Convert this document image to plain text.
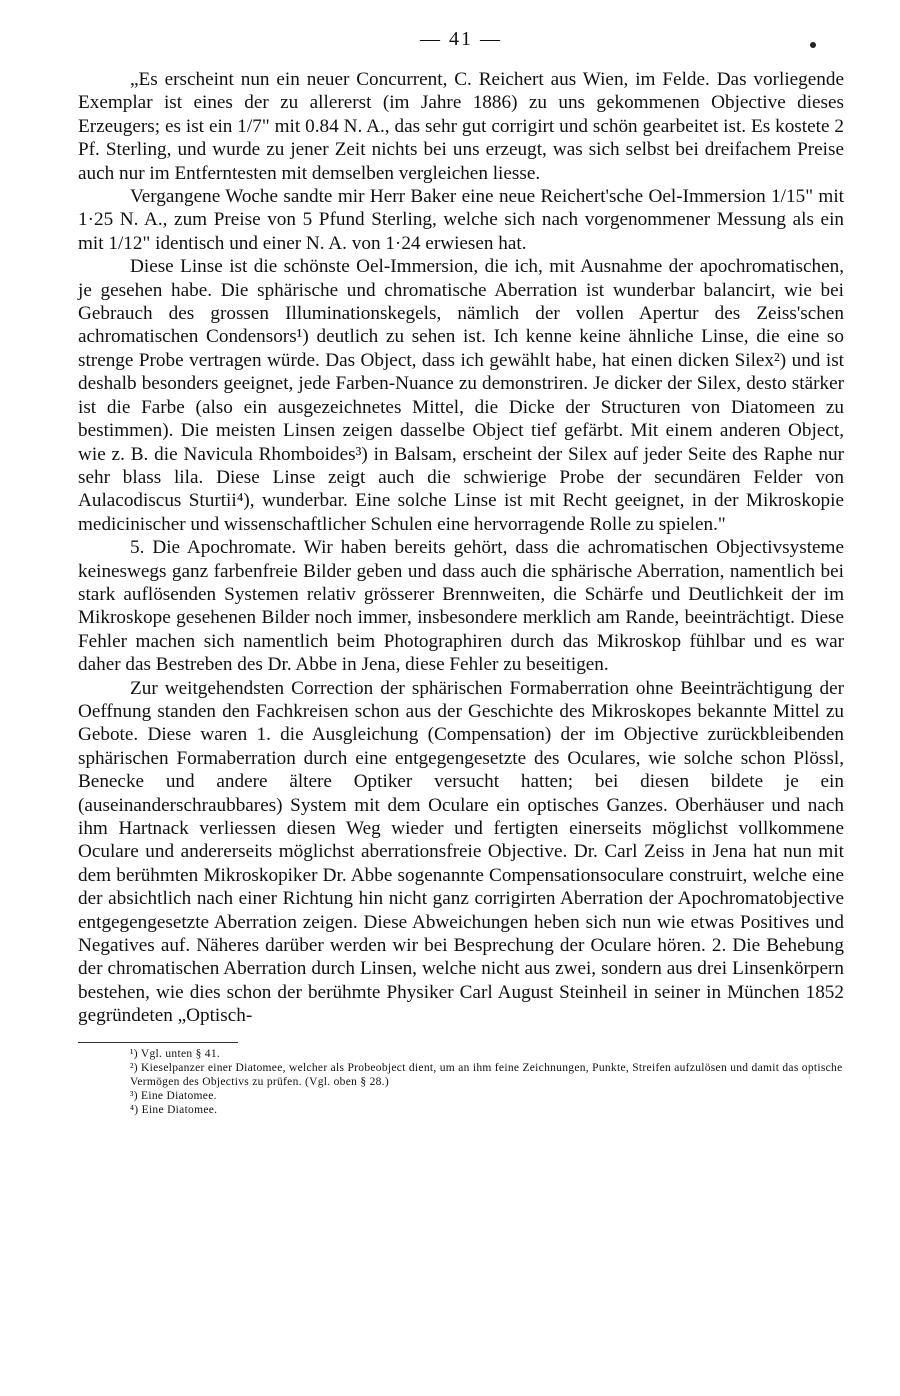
— 41 —

„Es erscheint nun ein neuer Concurrent, C. Reichert aus Wien, im Felde. Das vorliegende Exemplar ist eines der zu allererst (im Jahre 1886) zu uns gekommenen Objective dieses Erzeugers; es ist ein 1/7" mit 0.84 N. A., das sehr gut corrigirt und schön gearbeitet ist. Es kostete 2 Pf. Sterling, und wurde zu jener Zeit nichts bei uns erzeugt, was sich selbst bei dreifachem Preise auch nur im Entferntesten mit demselben vergleichen liesse.

Vergangene Woche sandte mir Herr Baker eine neue Reichert'sche Oel-Immersion 1/15" mit 1·25 N. A., zum Preise von 5 Pfund Sterling, welche sich nach vorgenommener Messung als ein mit 1/12" identisch und einer N. A. von 1·24 erwiesen hat.

Diese Linse ist die schönste Oel-Immersion, die ich, mit Ausnahme der apochromatischen, je gesehen habe. Die sphärische und chromatische Aberration ist wunderbar balancirt, wie bei Gebrauch des grossen Illuminationskegels, nämlich der vollen Apertur des Zeiss'schen achromatischen Condensors¹) deutlich zu sehen ist. Ich kenne keine ähnliche Linse, die eine so strenge Probe vertragen würde. Das Object, dass ich gewählt habe, hat einen dicken Silex²) und ist deshalb besonders geeignet, jede Farben-Nuance zu demonstriren. Je dicker der Silex, desto stärker ist die Farbe (also ein ausgezeichnetes Mittel, die Dicke der Structuren von Diatomeen zu bestimmen). Die meisten Linsen zeigen dasselbe Object tief gefärbt. Mit einem anderen Object, wie z. B. die Navicula Rhomboides³) in Balsam, erscheint der Silex auf jeder Seite des Raphe nur sehr blass lila. Diese Linse zeigt auch die schwierige Probe der secundären Felder von Aulacodiscus Sturtii⁴), wunderbar. Eine solche Linse ist mit Recht geeignet, in der Mikroskopie medicinischer und wissenschaftlicher Schulen eine hervorragende Rolle zu spielen."

5. Die Apochromate. Wir haben bereits gehört, dass die achromatischen Objectivsysteme keineswegs ganz farbenfreie Bilder geben und dass auch die sphärische Aberration, namentlich bei stark auflösenden Systemen relativ grösserer Brennweiten, die Schärfe und Deutlichkeit der im Mikroskope gesehenen Bilder noch immer, insbesondere merklich am Rande, beeinträchtigt. Diese Fehler machen sich namentlich beim Photographiren durch das Mikroskop fühlbar und es war daher das Bestreben des Dr. Abbe in Jena, diese Fehler zu beseitigen.

Zur weitgehendsten Correction der sphärischen Formaberration ohne Beeinträchtigung der Oeffnung standen den Fachkreisen schon aus der Geschichte des Mikroskopes bekannte Mittel zu Gebote. Diese waren 1. die Ausgleichung (Compensation) der im Objective zurückbleibenden sphärischen Formaberration durch eine entgegengesetzte des Oculares, wie solche schon Plössl, Benecke und andere ältere Optiker versucht hatten; bei diesen bildete je ein (auseinanderschraubbares) System mit dem Oculare ein optisches Ganzes. Oberhäuser und nach ihm Hartnack verliessen diesen Weg wieder und fertigten einerseits möglichst vollkommene Oculare und andererseits möglichst aberrationsfreie Objective. Dr. Carl Zeiss in Jena hat nun mit dem berühmten Mikroskopiker Dr. Abbe sogenannte Compensationsoculare construirt, welche eine der absichtlich nach einer Richtung hin nicht ganz corrigirten Aberration der Apochromatobjective entgegengesetzte Aberration zeigen. Diese Abweichungen heben sich nun wie etwas Positives und Negatives auf. Näheres darüber werden wir bei Besprechung der Oculare hören. 2. Die Behebung der chromatischen Aberration durch Linsen, welche nicht aus zwei, sondern aus drei Linsenkörpern bestehen, wie dies schon der berühmte Physiker Carl August Steinheil in seiner in München 1852 gegründeten „Optisch-

¹) Vgl. unten § 41.

²) Kieselpanzer einer Diatomee, welcher als Probeobject dient, um an ihm feine Zeichnungen, Punkte, Streifen aufzulösen und damit das optische Vermögen des Objectivs zu prüfen. (Vgl. oben § 28.)

³) Eine Diatomee.

⁴) Eine Diatomee.
